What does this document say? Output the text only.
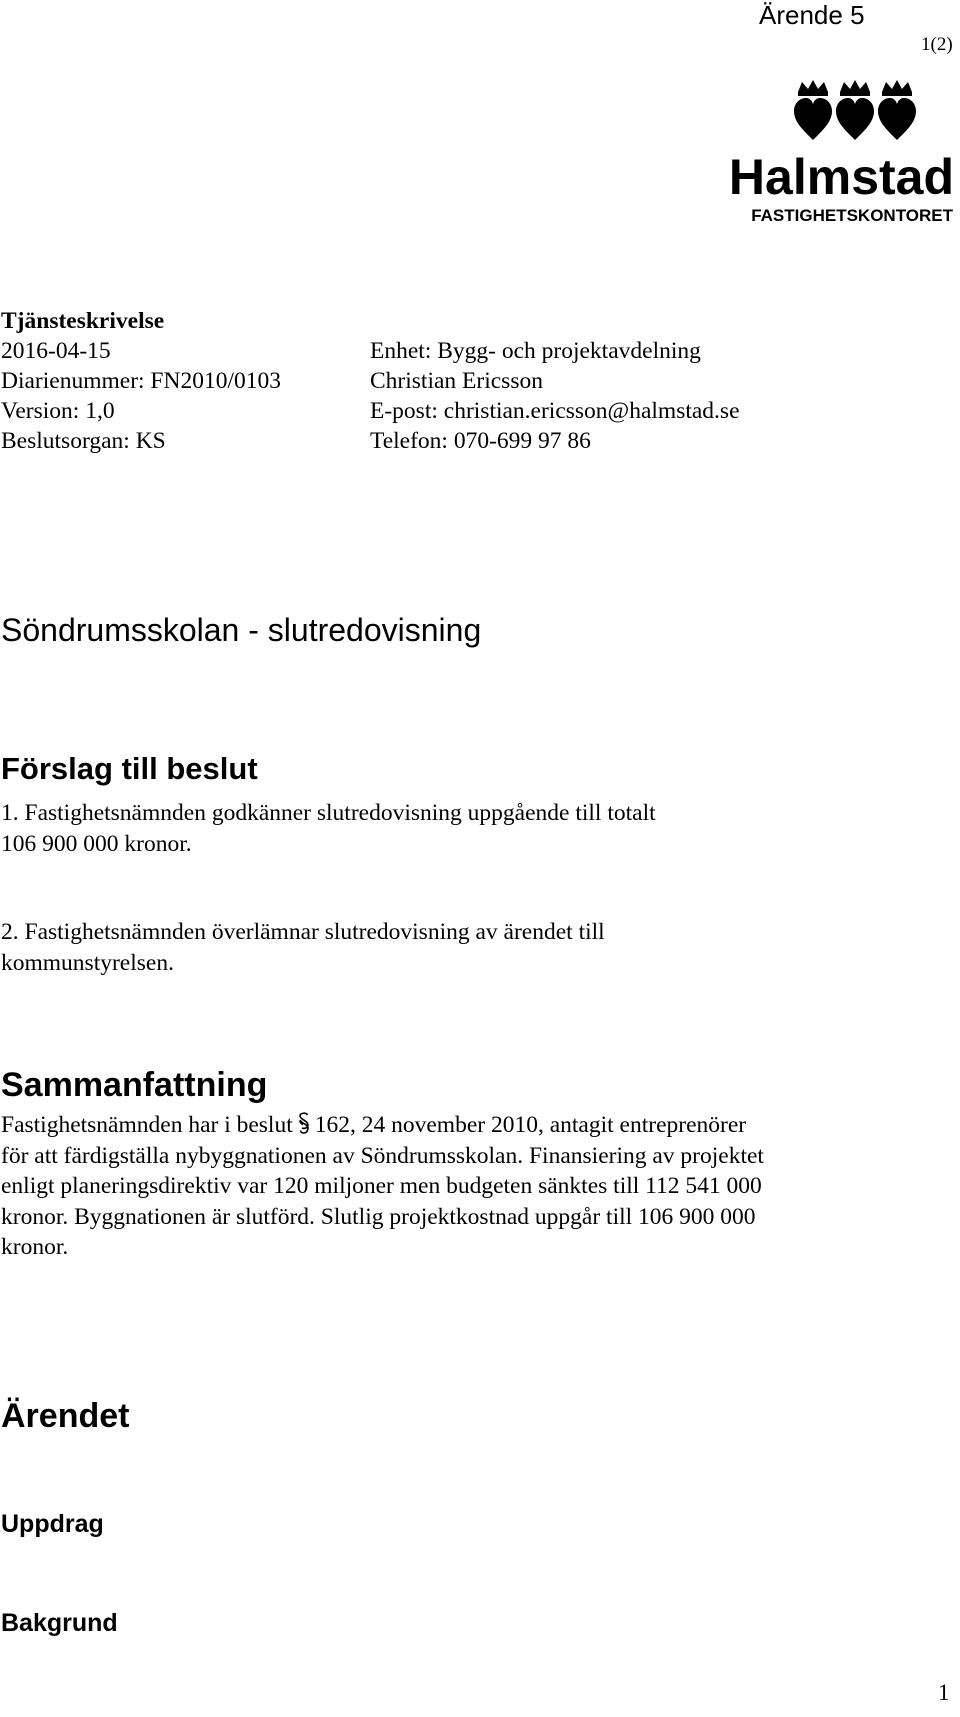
Ärende 5
Halmstad
FASTIGHETSKONTORET
1(2)
Tjänsteskrivelse
2016-04-15
Diarienummer: FN2010/0103
Version: 1,0
Beslutsorgan: KS
Enhet: Bygg- och projektavdelning
Christian Ericsson
E-post: christian.ericsson@halmstad.se
Telefon: 070-699 97 86
Söndrumsskolan - slutredovisning
Förslag till beslut
1. Fastighetsnämnden godkänner slutredovisning uppgående till totalt
106 900 000 kronor.
2. Fastighetsnämnden överlämnar slutredovisning av ärendet till
kommunstyrelsen.
Sammanfattning
Fastighetsnämnden har i beslut 162, 24 november 2010, antagit entreprenörer
för att färdigställa nybyggnationen av Söndrumsskolan. Finansiering av projektet
enligt planeringsdirektiv var 120 miljoner men budgeten sänktes till 112 541 000
kronor. Byggnationen är slutförd. Slutlig projektkostnad uppgår till 106 900 000
kronor.
Ärendet
Uppdrag
Bakgrund
1
